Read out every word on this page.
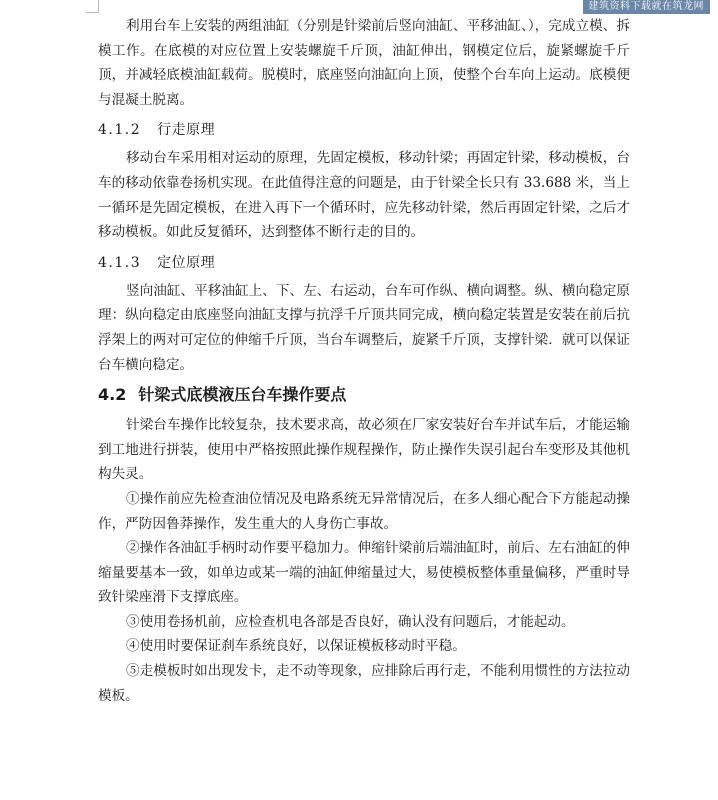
建筑资料下载就在筑龙网

利用台车上安装的两组油缸（分别是针梁前后竖向油缸、平移油缸、），完成立模、拆模工作。在底模的对应位置上安装螺旋千斤顶，油缸伸出，钢模定位后，旋紧螺旋千斤顶，并减轻底模油缸载荷。脱模时，底座竖向油缸向上顶，使整个台车向上运动。底模便与混凝土脱离。

4.1.2 行走原理

移动台车采用相对运动的原理，先固定模板，移动针梁；再固定针梁，移动模板，台车的移动依靠卷扬机实现。在此值得注意的问题是，由于针梁全长只有 33.688 米，当上一循环是先固定模板，在进入再下一个循环时，应先移动针梁，然后再固定针梁，之后才移动模板。如此反复循环，达到整体不断行走的目的。

4.1.3 定位原理

竖向油缸、平移油缸上、下、左、右运动，台车可作纵、横向调整。纵、横向稳定原理：纵向稳定由底座竖向油缸支撑与抗浮千斤顶共同完成，横向稳定装置是安装在前后抗浮架上的两对可定位的伸缩千斤顶，当台车调整后，旋紧千斤顶，支撑针梁．就可以保证台车横向稳定。

4.2 针梁式底模液压台车操作要点

针梁台车操作比较复杂，技术要求高，故必须在厂家安装好台车并试车后，才能运输到工地进行拼装，使用中严格按照此操作规程操作，防止操作失误引起台车变形及其他机构失灵。

①操作前应先检查油位情况及电路系统无异常情况后，在多人细心配合下方能起动操作，严防因鲁莽操作，发生重大的人身伤亡事故。

②操作各油缸手柄时动作要平稳加力。伸缩针梁前后端油缸时，前后、左右油缸的伸缩量要基本一致，如单边或某一端的油缸伸缩量过大，易使模板整体重量偏移，严重时导致针梁座滑下支撑底座。

③使用卷扬机前，应检查机电各部是否良好，确认没有问题后，才能起动。

④使用时要保证刹车系统良好，以保证模板移动时平稳。

⑤走模板时如出现发卡，走不动等现象，应排除后再行走，不能利用惯性的方法拉动模板。
